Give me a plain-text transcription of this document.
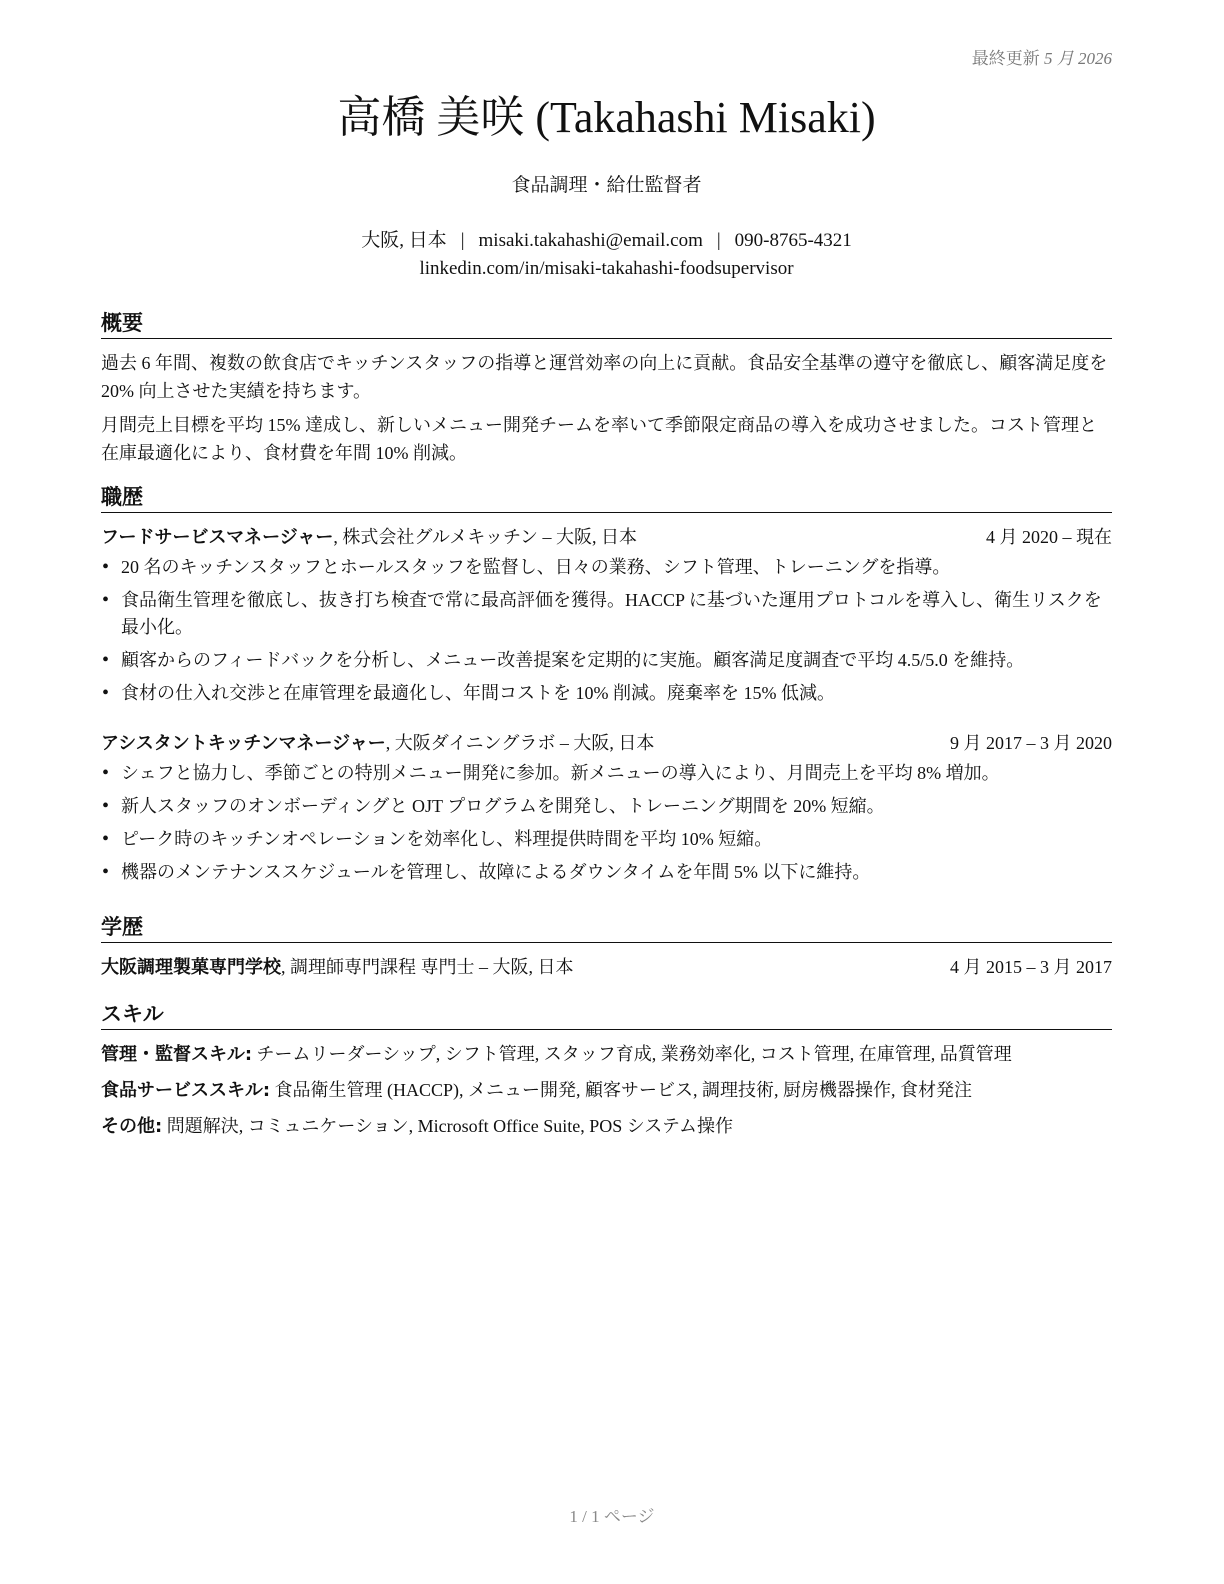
最終更新 5 月 2026
高橋 美咲 (Takahashi Misaki)
食品調理・給仕監督者
大阪, 日本 | misaki.takahashi@email.com | 090-8765-4321
linkedin.com/in/misaki-takahashi-foodsupervisor
概要

過去 6 年間、複数の飲食店でキッチンスタッフの指導と運営効率の向上に貢献。食品安全基準の遵守を徹底し、顧客満足度を 20% 向上させた実績を持ちます。

月間売上目標を平均 15% 達成し、新しいメニュー開発チームを率いて季節限定商品の導入を成功させました。コスト管理と在庫最適化により、食材費を年間 10% 削減。

職歴
フードサービスマネージャー, 株式会社グルメキッチン – 大阪, 日本	4 月 2020 – 現在
• 20 名のキッチンスタッフとホールスタッフを監督し、日々の業務、シフト管理、トレーニングを指導。
• 食品衛生管理を徹底し、抜き打ち検査で常に最高評価を獲得。HACCP に基づいた運用プロトコルを導入し、衛生リスクを最小化。
• 顧客からのフィードバックを分析し、メニュー改善提案を定期的に実施。顧客満足度調査で平均 4.5/5.0 を維持。
• 食材の仕入れ交渉と在庫管理を最適化し、年間コストを 10% 削減。廃棄率を 15% 低減。
アシスタントキッチンマネージャー, 大阪ダイニングラボ – 大阪, 日本	9 月 2017 – 3 月 2020
• シェフと協力し、季節ごとの特別メニュー開発に参加。新メニューの導入により、月間売上を平均 8% 増加。
• 新人スタッフのオンボーディングと OJT プログラムを開発し、トレーニング期間を 20% 短縮。
• ピーク時のキッチンオペレーションを効率化し、料理提供時間を平均 10% 短縮。
• 機器のメンテナンススケジュールを管理し、故障によるダウンタイムを年間 5% 以下に維持。
学歴
大阪調理製菓専門学校, 調理師専門課程 専門士 – 大阪, 日本	4 月 2015 – 3 月 2017
スキル
管理・監督スキル: チームリーダーシップ, シフト管理, スタッフ育成, 業務効率化, コスト管理, 在庫管理, 品質管理
食品サービススキル: 食品衛生管理 (HACCP), メニュー開発, 顧客サービス, 調理技術, 厨房機器操作, 食材発注
その他: 問題解決, コミュニケーション, Microsoft Office Suite, POS システム操作
1 / 1 ページ
